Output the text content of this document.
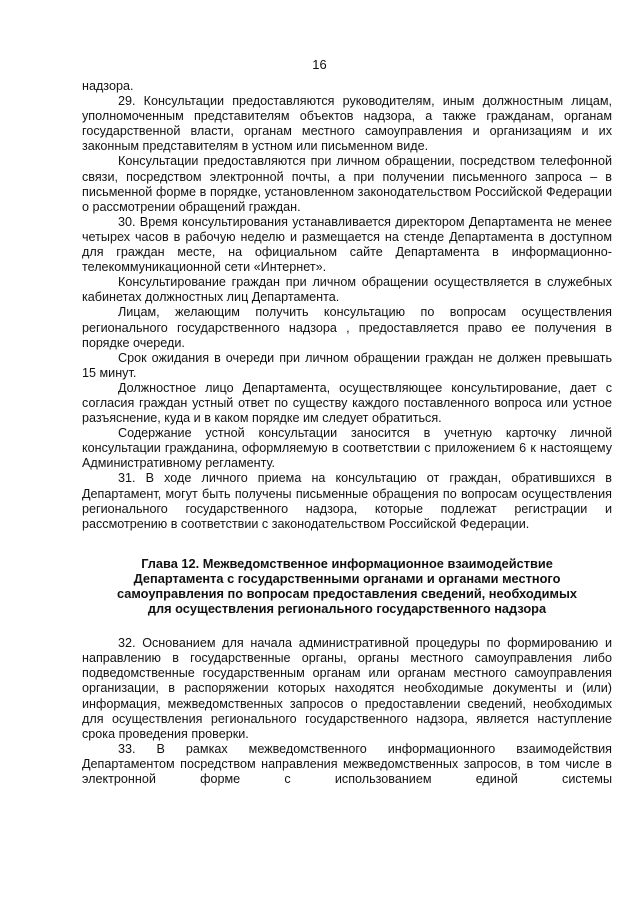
16

надзора.

29. Консультации предоставляются руководителям, иным должностным лицам, уполномоченным представителям объектов надзора, а также гражданам, органам государственной власти, органам местного самоуправления и организациям и их законным представителям в устном или письменном виде.

Консультации предоставляются при личном обращении, посредством телефонной связи, посредством электронной почты, а при получении письменного запроса – в письменной форме в порядке, установленном законодательством Российской Федерации о рассмотрении обращений граждан.

30. Время консультирования устанавливается директором Департамента не менее четырех часов в рабочую неделю и размещается на стенде Департамента в доступном для граждан месте, на официальном сайте Департамента в информационно-телекоммуникационной сети «Интернет».

Консультирование граждан при личном обращении осуществляется в служебных кабинетах должностных лиц Департамента.

Лицам, желающим получить консультацию по вопросам осуществления регионального государственного надзора , предоставляется право ее получения в порядке очереди.

Срок ожидания в очереди при личном обращении граждан не должен превышать 15 минут.

Должностное лицо Департамента, осуществляющее консультирование, дает с согласия граждан устный ответ по существу каждого поставленного вопроса или устное разъяснение, куда и в каком порядке им следует обратиться.

Содержание устной консультации заносится в учетную карточку личной консультации гражданина, оформляемую в соответствии с приложением 6 к настоящему Административному регламенту.

31. В ходе личного приема на консультацию от граждан, обратившихся в Департамент, могут быть получены письменные обращения по вопросам осуществления регионального государственного надзора, которые подлежат регистрации и рассмотрению в соответствии с законодательством Российской Федерации.

Глава 12. Межведомственное информационное взаимодействие
Департамента с государственными органами и органами местного
самоуправления по вопросам предоставления сведений, необходимых
для осуществления регионального государственного надзора

32. Основанием для начала административной процедуры по формированию и направлению в государственные органы, органы местного самоуправления либо подведомственные государственным органам или органам местного самоуправления организации, в распоряжении которых находятся необходимые документы и (или) информация, межведомственных запросов о предоставлении сведений, необходимых для осуществления регионального государственного надзора, является наступление срока проведения проверки.

33. В рамках межведомственного информационного взаимодействия Департаментом посредством направления межведомственных запросов, в том числе в электронной форме с использованием единой системы
